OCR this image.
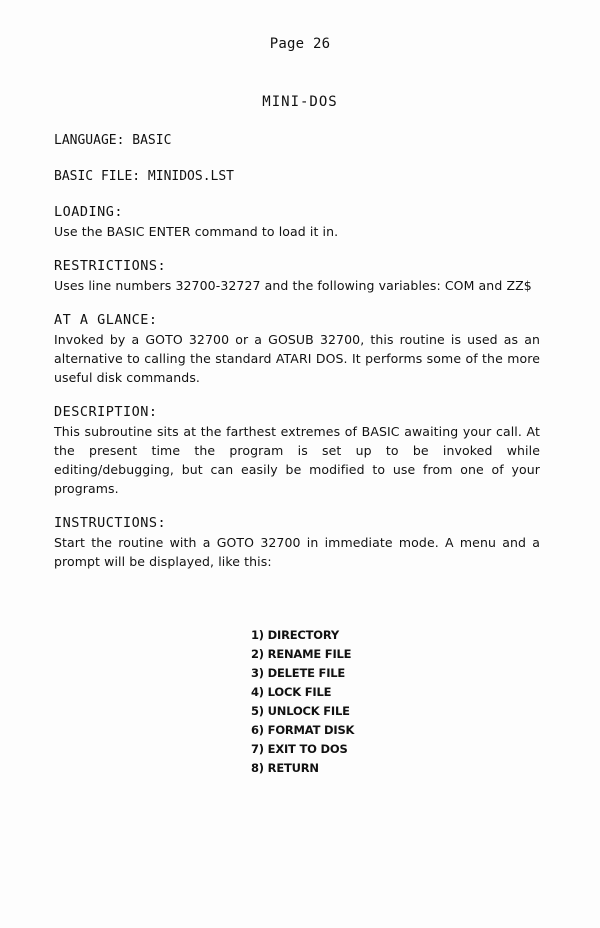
Page 26
MINI-DOS
LANGUAGE: BASIC
BASIC FILE: MINIDOS.LST
LOADING:
Use the BASIC ENTER command to load it in.
RESTRICTIONS:
Uses line numbers 32700-32727 and the following variables: COM and ZZ$
AT A GLANCE:
Invoked by a GOTO 32700 or a GOSUB 32700, this routine is used as an alternative to calling the standard ATARI DOS. It performs some of the more useful disk commands.
DESCRIPTION:
This subroutine sits at the farthest extremes of BASIC awaiting your call. At the present time the program is set up to be invoked while editing/debugging, but can easily be modified to use from one of your programs.
INSTRUCTIONS:
Start the routine with a GOTO 32700 in immediate mode. A menu and a prompt will be displayed, like this:
1) DIRECTORY
2) RENAME FILE
3) DELETE FILE
4) LOCK FILE
5) UNLOCK FILE
6) FORMAT DISK
7) EXIT TO DOS
8) RETURN
